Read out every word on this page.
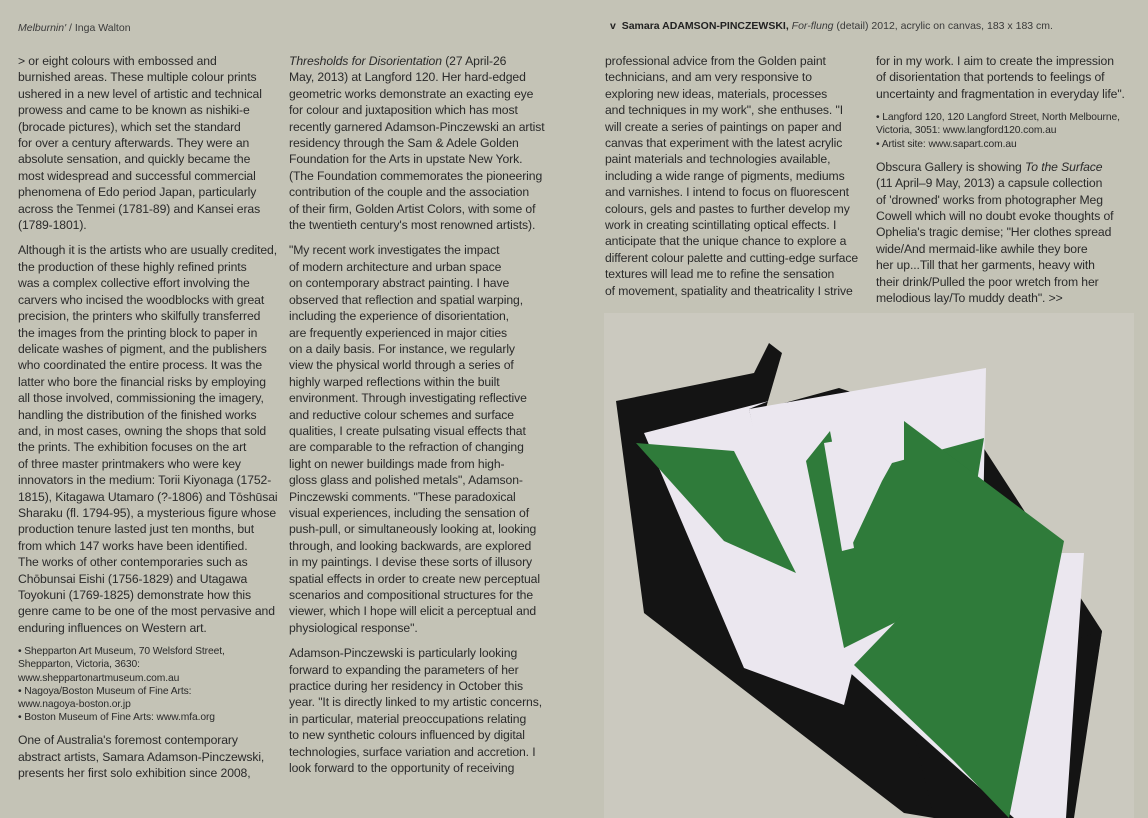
Melburnin' / Inga Walton	v Samara ADAMSON-PINCZEWSKI, For-flung (detail) 2012, acrylic on canvas, 183 x 183 cm.

> or eight colours with embossed and
burnished areas. These multiple colour prints
ushered in a new level of artistic and technical
prowess and came to be known as nishiki-e
(brocade pictures), which set the standard
for over a century afterwards. They were an
absolute sensation, and quickly became the
most widespread and successful commercial
phenomena of Edo period Japan, particularly
across the Tenmei (1781-89) and Kansei eras
(1789-1801).

Although it is the artists who are usually credited,
the production of these highly refined prints
was a complex collective effort involving the
carvers who incised the woodblocks with great
precision, the printers who skilfully transferred
the images from the printing block to paper in
delicate washes of pigment, and the publishers
who coordinated the entire process. It was the
latter who bore the financial risks by employing
all those involved, commissioning the imagery,
handling the distribution of the finished works
and, in most cases, owning the shops that sold
the prints. The exhibition focuses on the art
of three master printmakers who were key
innovators in the medium: Torii Kiyonaga (1752-
1815), Kitagawa Utamaro (?-1806) and Tōshūsai
Sharaku (fl. 1794-95), a mysterious figure whose
production tenure lasted just ten months, but
from which 147 works have been identified.
The works of other contemporaries such as
Chōbunsai Eishi (1756-1829) and Utagawa
Toyokuni (1769-1825) demonstrate how this
genre came to be one of the most pervasive and
enduring influences on Western art.

• Shepparton Art Museum, 70 Welsford Street,
Shepparton, Victoria, 3630:
www.sheppartonartmuseum.com.au
• Nagoya/Boston Museum of Fine Arts:
www.nagoya-boston.or.jp
• Boston Museum of Fine Arts: www.mfa.org

One of Australia's foremost contemporary
abstract artists, Samara Adamson-Pinczewski,
presents her first solo exhibition since 2008,

Thresholds for Disorientation (27 April-26
May, 2013) at Langford 120. Her hard-edged
geometric works demonstrate an exacting eye
for colour and juxtaposition which has most
recently garnered Adamson-Pinczewski an artist
residency through the Sam & Adele Golden
Foundation for the Arts in upstate New York.
(The Foundation commemorates the pioneering
contribution of the couple and the association
of their firm, Golden Artist Colors, with some of
the twentieth century's most renowned artists).

"My recent work investigates the impact
of modern architecture and urban space
on contemporary abstract painting. I have
observed that reflection and spatial warping,
including the experience of disorientation,
are frequently experienced in major cities
on a daily basis. For instance, we regularly
view the physical world through a series of
highly warped reflections within the built
environment. Through investigating reflective
and reductive colour schemes and surface
qualities, I create pulsating visual effects that
are comparable to the refraction of changing
light on newer buildings made from high-
gloss glass and polished metals", Adamson-
Pinczewski comments. "These paradoxical
visual experiences, including the sensation of
push-pull, or simultaneously looking at, looking
through, and looking backwards, are explored
in my paintings. I devise these sorts of illusory
spatial effects in order to create new perceptual
scenarios and compositional structures for the
viewer, which I hope will elicit a perceptual and
physiological response".

Adamson-Pinczewski is particularly looking
forward to expanding the parameters of her
practice during her residency in October this
year. "It is directly linked to my artistic concerns,
in particular, material preoccupations relating
to new synthetic colours influenced by digital
technologies, surface variation and accretion. I
look forward to the opportunity of receiving

professional advice from the Golden paint
technicians, and am very responsive to
exploring new ideas, materials, processes
and techniques in my work", she enthuses. "I
will create a series of paintings on paper and
canvas that experiment with the latest acrylic
paint materials and technologies available,
including a wide range of pigments, mediums
and varnishes. I intend to focus on fluorescent
colours, gels and pastes to further develop my
work in creating scintillating optical effects. I
anticipate that the unique chance to explore a
different colour palette and cutting-edge surface
textures will lead me to refine the sensation
of movement, spatiality and theatricality I strive

for in my work. I aim to create the impression
of disorientation that portends to feelings of
uncertainty and fragmentation in everyday life".

• Langford 120, 120 Langford Street, North Melbourne,
Victoria, 3051: www.langford120.com.au
• Artist site: www.sapart.com.au

Obscura Gallery is showing To the Surface
(11 April–9 May, 2013) a capsule collection
of 'drowned' works from photographer Meg
Cowell which will no doubt evoke thoughts of
Ophelia's tragic demise; "Her clothes spread
wide/And mermaid-like awhile they bore
her up...Till that her garments, heavy with
their drink/Pulled the poor wretch from her
melodious lay/To muddy death". >>
